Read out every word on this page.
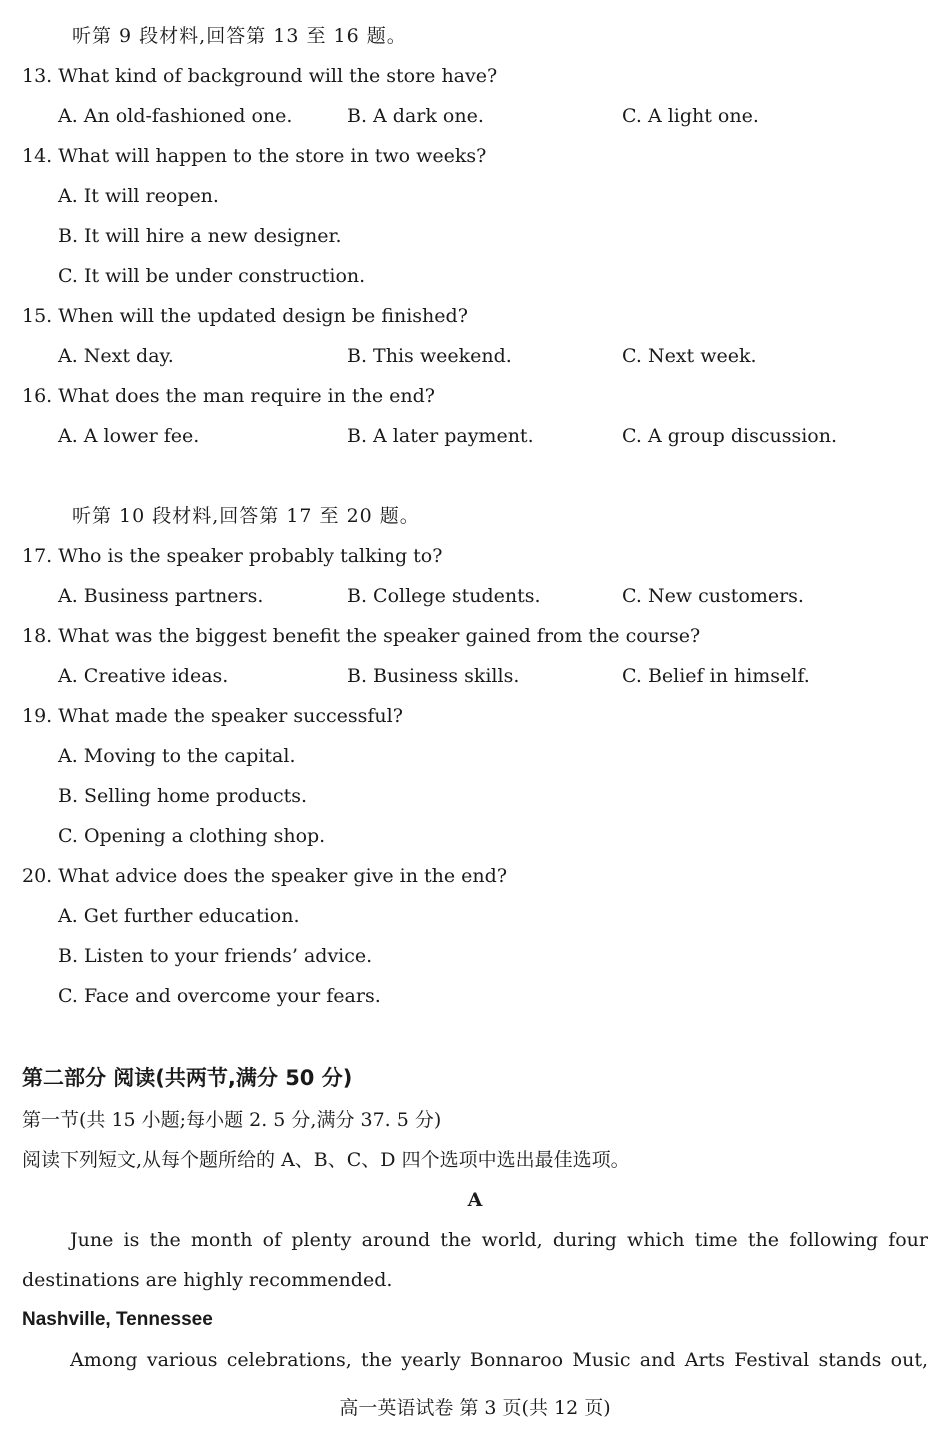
听第 9 段材料,回答第 13 至 16 题。
13. What kind of background will the store have?
A. An old-fashioned one.	B. A dark one.	C. A light one.
14. What will happen to the store in two weeks?
A. It will reopen.
B. It will hire a new designer.
C. It will be under construction.
15. When will the updated design be finished?
A. Next day.	B. This weekend.	C. Next week.
16. What does the man require in the end?
A. A lower fee.	B. A later payment.	C. A group discussion.
听第 10 段材料,回答第 17 至 20 题。
17. Who is the speaker probably talking to?
A. Business partners.	B. College students.	C. New customers.
18. What was the biggest benefit the speaker gained from the course?
A. Creative ideas.	B. Business skills.	C. Belief in himself.
19. What made the speaker successful?
A. Moving to the capital.
B. Selling home products.
C. Opening a clothing shop.
20. What advice does the speaker give in the end?
A. Get further education.
B. Listen to your friends’ advice.
C. Face and overcome your fears.
第二部分 阅读(共两节,满分 50 分)
第一节(共 15 小题;每小题 2. 5 分,满分 37. 5 分)
阅读下列短文,从每个题所给的 A、B、C、D 四个选项中选出最佳选项。
A
June is the month of plenty around the world, during which time the following four
destinations are highly recommended.
Nashville, Tennessee
Among various celebrations, the yearly Bonnaroo Music and Arts Festival stands out,
高一英语试卷 第 3 页(共 12 页)
